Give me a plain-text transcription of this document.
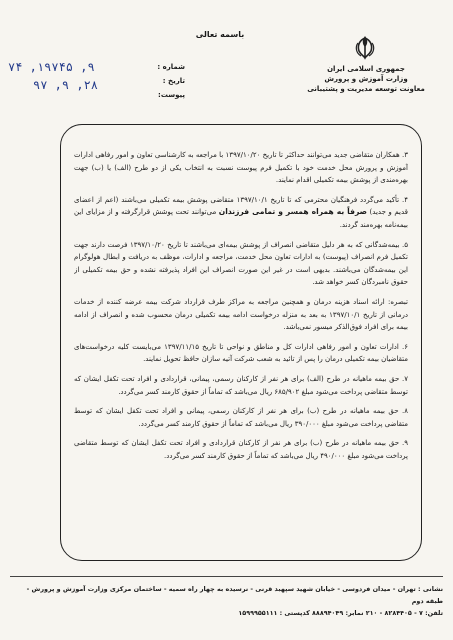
باسمه تعالی
جمهوری اسلامی ایران
وزارت آموزش و پرورش
معاونت توسعه مدیریت و پشتیبانی
شماره :
تاریخ :
پیوست:
۷۴ ,۱۹۷۴۵ ,۹
۹۷ ,۹ ,۲۸

۳. همکاران متقاضی جدید می‌توانند حداکثر تا تاریخ ۱۳۹۷/۱۰/۲۰ با مراجعه به کارشناسی تعاون و امور رفاهی ادارات آموزش و پرورش محل خدمت خود با تکمیل فرم پیوست نسبت به انتخاب یکی از دو طرح (الف) یا (ب) جهت بهره‌مندی از پوشش بیمه تکمیلی اقدام نمایند.

۴. تأکید می‌گردد فرهنگیان محترمی که تا تاریخ ۱۳۹۷/۱۰/۱ متقاضی پوشش بیمه تکمیلی می‌باشند (اعم از اعضای قدیم و جدید) صرفاً به همراه همسر و تمامی فرزندان می‌توانند تحت پوشش قرارگرفته و از مزایای این بیمه‌نامه بهره‌مند گردند.

۵. بیمه‌شدگانی که به هر دلیل متقاضی انصراف از پوشش بیمه‌ای می‌باشند تا تاریخ ۱۳۹۷/۱۰/۲۰ فرصت دارند جهت تکمیل فرم انصراف (پیوست) به ادارات تعاون محل خدمت، مراجعه و ادارات، موظف به دریافت و ابطال هولوگرام این بیمه‌شدگان می‌باشند. بدیهی است در غیر این صورت انصراف این افراد پذیرفته نشده و حق بیمه تکمیلی از حقوق نامبردگان کسر خواهد شد.

تبصره: ارائه اسناد هزینه درمان و همچنین مراجعه به مراکز طرف قرارداد شرکت بیمه عرضه کننده از خدمات درمانی از تاریخ ۱۳۹۷/۱۰/۱ به بعد به منزله درخواست ادامه بیمه تکمیلی درمان محسوب شده و انصراف از ادامه بیمه برای افراد فوق‌الذکر میسور نمی‌باشد.

۶. ادارات تعاون و امور رفاهی ادارات کل و مناطق و نواحی تا تاریخ ۱۳۹۷/۱۱/۱۵ می‌بایست کلیه درخواست‌های متقاضیان بیمه تکمیلی درمان را پس از تائید به شعب شرکت آتیه سازان حافظ تحویل نمایند.

۷. حق بیمه ماهیانه در طرح (الف) برای هر نفر از کارکنان رسمی، پیمانی، قراردادی و افراد تحت تکفل ایشان که توسط متقاضی پرداخت می‌شود مبلغ ۶۸۵/۹۰۲ ریال می‌باشد که تماماً از حقوق کارمند کسر می‌گردد.

۸. حق بیمه ماهیانه در طرح (ب) برای هر نفر از کارکنان رسمی، پیمانی و افراد تحت تکفل ایشان که توسط متقاضی پرداخت می‌شود مبلغ ۳۹۰/۰۰۰ ریال می‌باشد که تماماً از حقوق کارمند کسر می‌گردد.

۹. حق بیمه ماهیانه در طرح (ب) برای هر نفر از کارکنان قراردادی و افراد تحت تکفل ایشان که توسط متقاضی پرداخت می‌شود مبلغ ۴۹۰/۰۰۰ ریال می‌باشد که تماماً از حقوق کارمند کسر می‌گردد.

نشانی : تهران - میدان فردوسی - خیابان شهید سپهبد قرنی - نرسیده به چهار راه سمیه - ساختمان مرکزی وزارت آموزش و پرورش - طبقه دوم
تلفن: ۷ - ۸۲۸۴۴۰۵ - ۲۱۰ نمابر: ۸۸۸۹۴۰۴۹ کدپستی : ۱۵۹۹۹۵۵۱۱۱
